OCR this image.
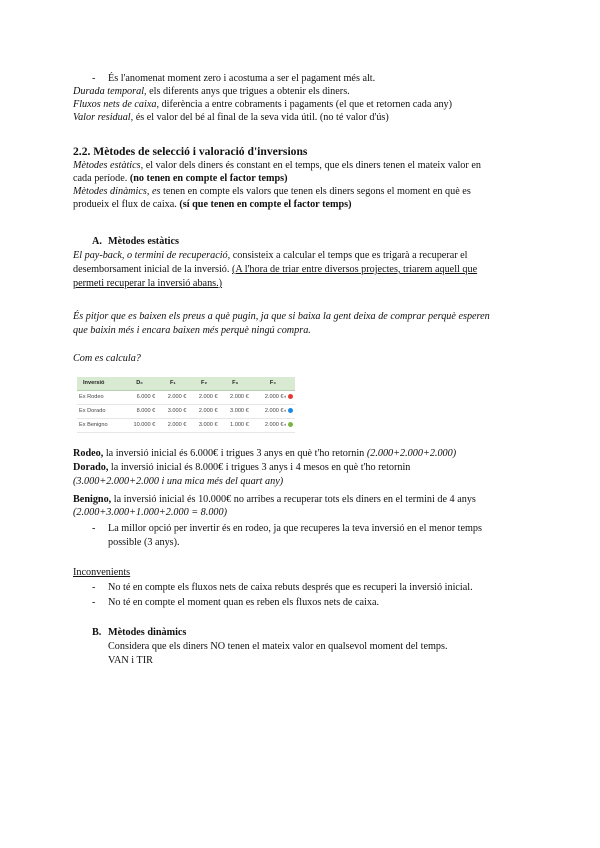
- És l'anomenat moment zero i acostuma a ser el pagament més alt.
Durada temporal, els diferents anys que trigues a obtenir els diners.
Fluxos nets de caixa, diferència a entre cobraments i pagaments (el que et retornen cada any)
Valor residual, és el valor del bé al final de la seva vida útil. (no té valor d'ús)
2.2. Mètodes de selecció i valoració d'inversions
Mètodes estàtics, el valor dels diners és constant en el temps, que els diners tenen el mateix valor en
cada període. (no tenen en compte el factor temps)
Mètodes dinàmics, es tenen en compte els valors que tenen els diners segons el moment en què es
produeix el flux de caixa. (sí que tenen en compte el factor temps)
A. Mètodes estàtics
El pay-back, o termini de recuperació, consisteix a calcular el temps que es trigarà a recuperar el
desemborsament inicial de la inversió. (A l'hora de triar entre diversos projectes, triarem aquell que
permeti recuperar la inversió abans.)
És pitjor que es baixen els preus a què pugin, ja que si baixa la gent deixa de comprar perquè esperen
que baixin més i encara baixen més perquè ningú compra.
Com es calcula?
Inversió	D₀	F₁	F₂	F₃	F₄
Ex Rodeo	6.000 €	2.000 €	2.000 €	2.000 €	2.000 €◂
Ex Dorado	8.000 €	3.000 €	2.000 €	3.000 €	2.000 €◂
Ex Benigno	10.000 €	2.000 €	3.000 €	1.000 €	2.000 €◂
Rodeo, la inversió inicial és 6.000€ i trigues 3 anys en què t'ho retornin (2.000+2.000+2.000)
Dorado, la inversió inicial és 8.000€ i trigues 3 anys i 4 mesos en què t'ho retornin
(3.000+2.000+2.000 i una mica més del quart any)
Benigno, la inversió inicial és 10.000€ no arribes a recuperar tots els diners en el termini de 4 anys
(2.000+3.000+1.000+2.000 = 8.000)
- La millor opció per invertir és en rodeo, ja que recuperes la teva inversió en el menor temps
possible (3 anys).
Inconvenients
- No té en compte els fluxos nets de caixa rebuts després que es recuperi la inversió inicial.
- No té en compte el moment quan es reben els fluxos nets de caixa.
B. Mètodes dinàmics
Considera que els diners NO tenen el mateix valor en qualsevol moment del temps.
VAN i TIR
